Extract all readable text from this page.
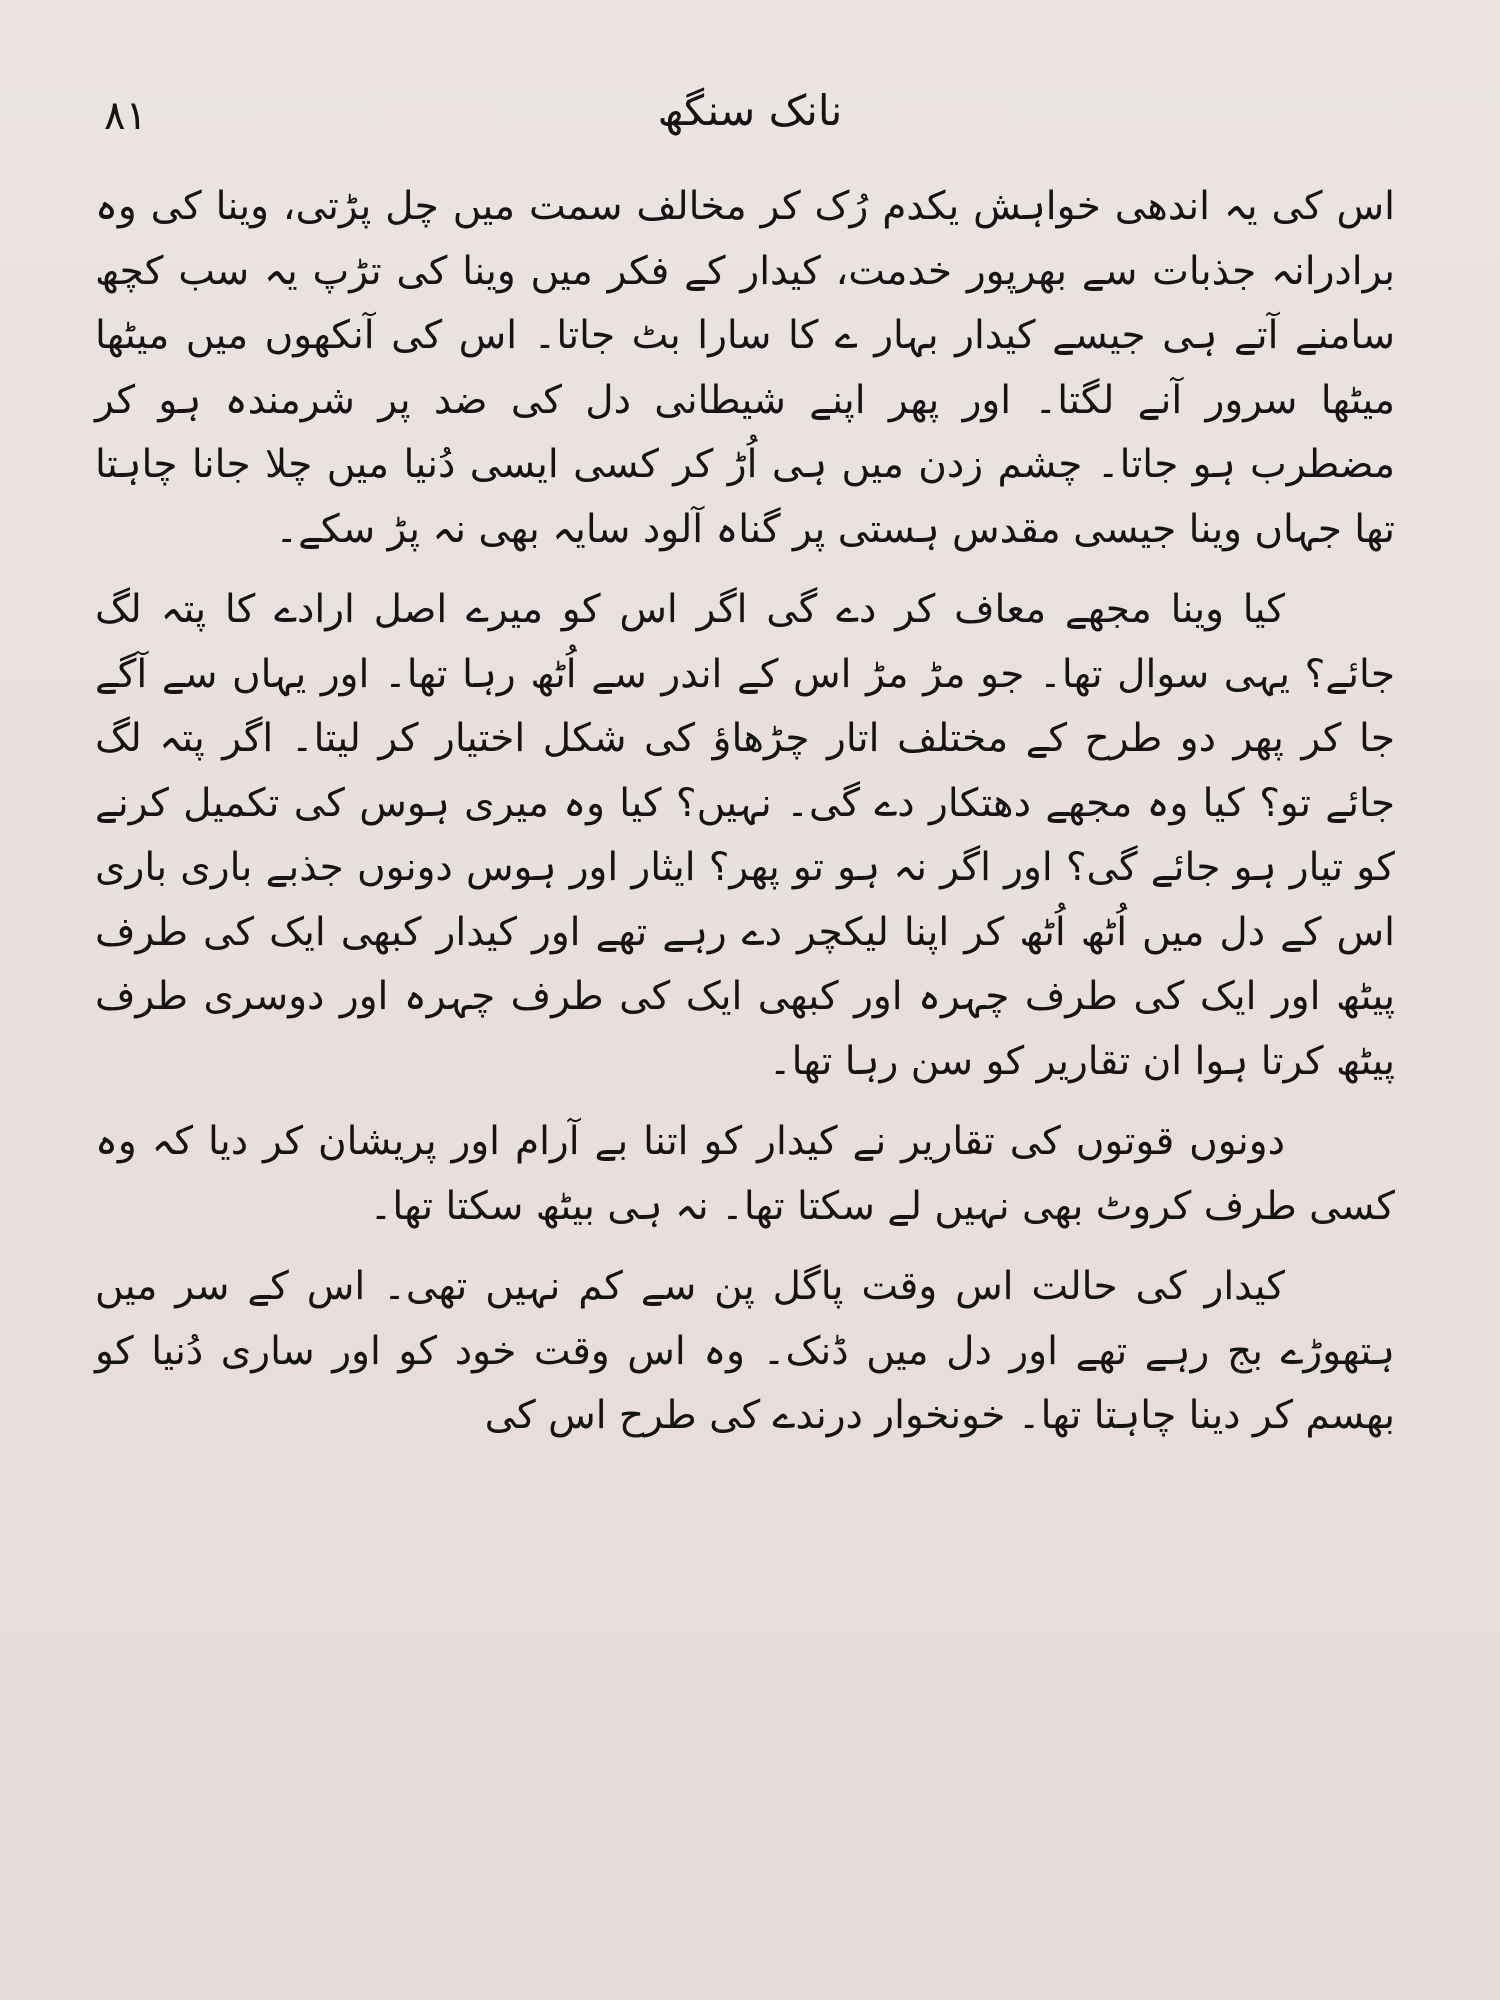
۸۱	نانک سنگھ

اس کی یہ اندھی خواہش یکدم رُک کر مخالف سمت میں چل پڑتی، وینا کی وہ برادرانہ جذبات سے بھرپور خدمت، کیدار کے فکر میں وینا کی تڑپ یہ سب کچھ سامنے آتے ہی جیسے کیدار بہار ے کا سارا بٹ جاتا۔ اس کی آنکھوں میں میٹھا میٹھا سرور آنے لگتا۔ اور پھر اپنے شیطانی دل کی ضد پر شرمندہ ہو کر مضطرب ہو جاتا۔ چشم زدن میں ہی اُڑ کر کسی ایسی دُنیا میں چلا جانا چاہتا تھا جہاں وینا جیسی مقدس ہستی پر گناہ آلود سایہ بھی نہ پڑ سکے۔

کیا وینا مجھے معاف کر دے گی اگر اس کو میرے اصل ارادے کا پتہ لگ جائے؟ یہی سوال تھا۔ جو مڑ مڑ اس کے اندر سے اُٹھ رہا تھا۔ اور یہاں سے آگے جا کر پھر دو طرح کے مختلف اتار چڑھاؤ کی شکل اختیار کر لیتا۔ اگر پتہ لگ جائے تو؟ کیا وہ مجھے دھتکار دے گی۔ نہیں؟ کیا وہ میری ہوس کی تکمیل کرنے کو تیار ہو جائے گی؟ اور اگر نہ ہو تو پھر؟ ایثار اور ہوس دونوں جذبے باری باری اس کے دل میں اُٹھ اُٹھ کر اپنا لیکچر دے رہے تھے اور کیدار کبھی ایک کی طرف پیٹھ اور ایک کی طرف چہرہ اور کبھی ایک کی طرف چہرہ اور دوسری طرف پیٹھ کرتا ہوا ان تقاریر کو سن رہا تھا۔

دونوں قوتوں کی تقاریر نے کیدار کو اتنا بے آرام اور پریشان کر دیا کہ وہ کسی طرف کروٹ بھی نہیں لے سکتا تھا۔ نہ ہی بیٹھ سکتا تھا۔

کیدار کی حالت اس وقت پاگل پن سے کم نہیں تھی۔ اس کے سر میں ہتھوڑے بج رہے تھے اور دل میں ڈنک۔ وہ اس وقت خود کو اور ساری دُنیا کو بھسم کر دینا چاہتا تھا۔ خونخوار درندے کی طرح اس کی
